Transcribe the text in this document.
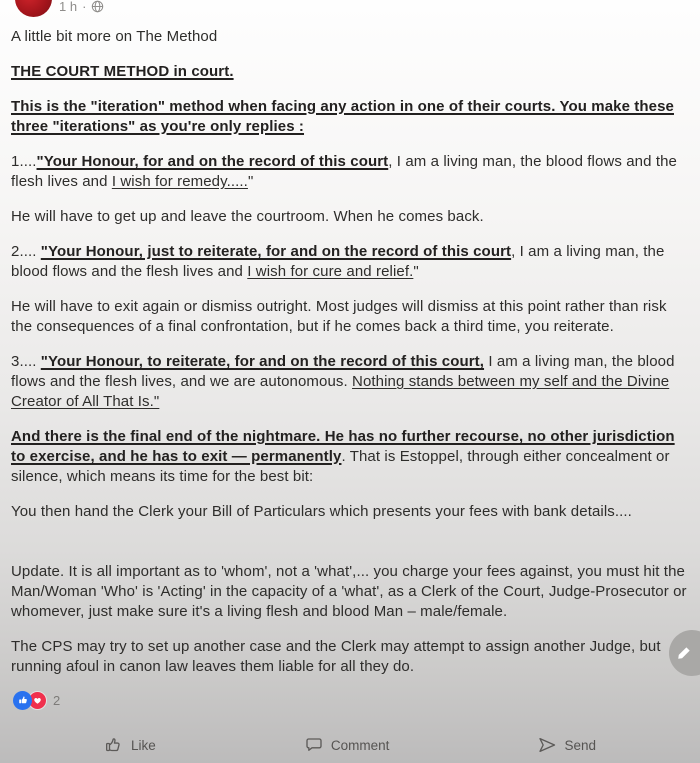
1 h ·

A little bit more on The Method

THE COURT METHOD in court.

This is the "iteration" method when facing any action in one of their courts. You make these three "iterations" as you're only replies :

1...."Your Honour, for and on the record of this court, I am a living man, the blood flows and the flesh lives and I wish for remedy....."

He will have to get up and leave the courtroom. When he comes back.

2.... "Your Honour, just to reiterate, for and on the record of this court, I am a living man, the blood flows and the flesh lives and I wish for cure and relief."

He will have to exit again or dismiss outright. Most judges will dismiss at this point rather than risk the consequences of a final confrontation, but if he comes back a third time, you reiterate.

3.... "Your Honour, to reiterate, for and on the record of this court, I am a living man, the blood flows and the flesh lives, and we are autonomous. Nothing stands between my self and the Divine Creator of All That Is."

And there is the final end of the nightmare. He has no further recourse, no other jurisdiction to exercise, and he has to exit — permanently. That is Estoppel, through either concealment or silence, which means its time for the best bit:

You then hand the Clerk your Bill of Particulars which presents your fees with bank details....

Update. It is all important as to 'whom', not a 'what',... you charge your fees against, you must hit the Man/Woman 'Who' is 'Acting' in the capacity of a 'what', as a Clerk of the Court, Judge-Prosecutor or whomever, just make sure it's a living flesh and blood Man – male/female.

The CPS may try to set up another case and the Clerk may attempt to assign another Judge, but running afoul in canon law leaves them liable for all they do.

2
Like	Comment	Send
